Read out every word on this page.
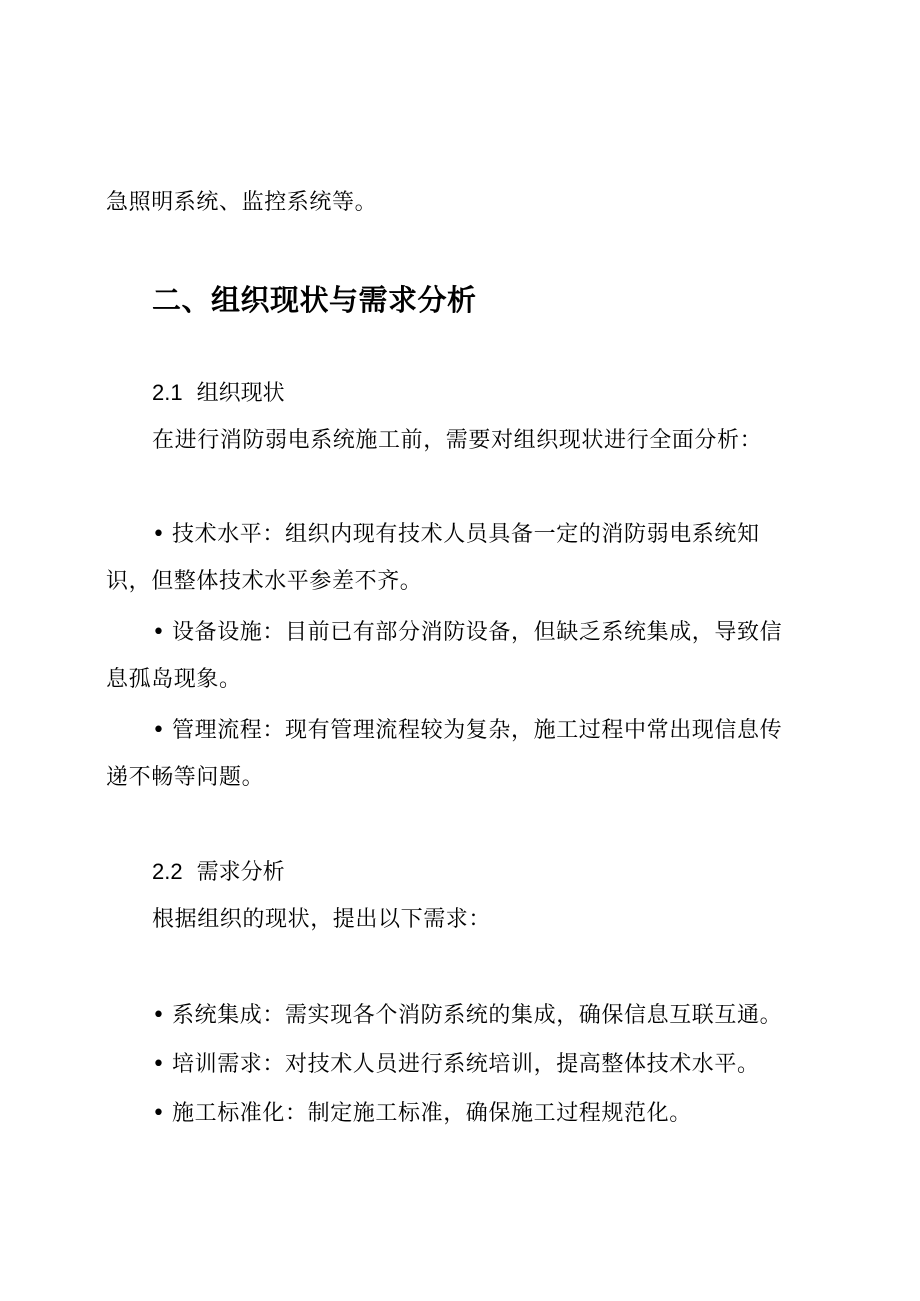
急照明系统、监控系统等。
二、组织现状与需求分析
2.1 组织现状
在进行消防弱电系统施工前，需要对组织现状进行全面分析：
• 技术水平：组织内现有技术人员具备一定的消防弱电系统知
识，但整体技术水平参差不齐。
• 设备设施：目前已有部分消防设备，但缺乏系统集成，导致信
息孤岛现象。
• 管理流程：现有管理流程较为复杂，施工过程中常出现信息传
递不畅等问题。
2.2 需求分析
根据组织的现状，提出以下需求：
• 系统集成：需实现各个消防系统的集成，确保信息互联互通。
• 培训需求：对技术人员进行系统培训，提高整体技术水平。
• 施工标准化：制定施工标准，确保施工过程规范化。
